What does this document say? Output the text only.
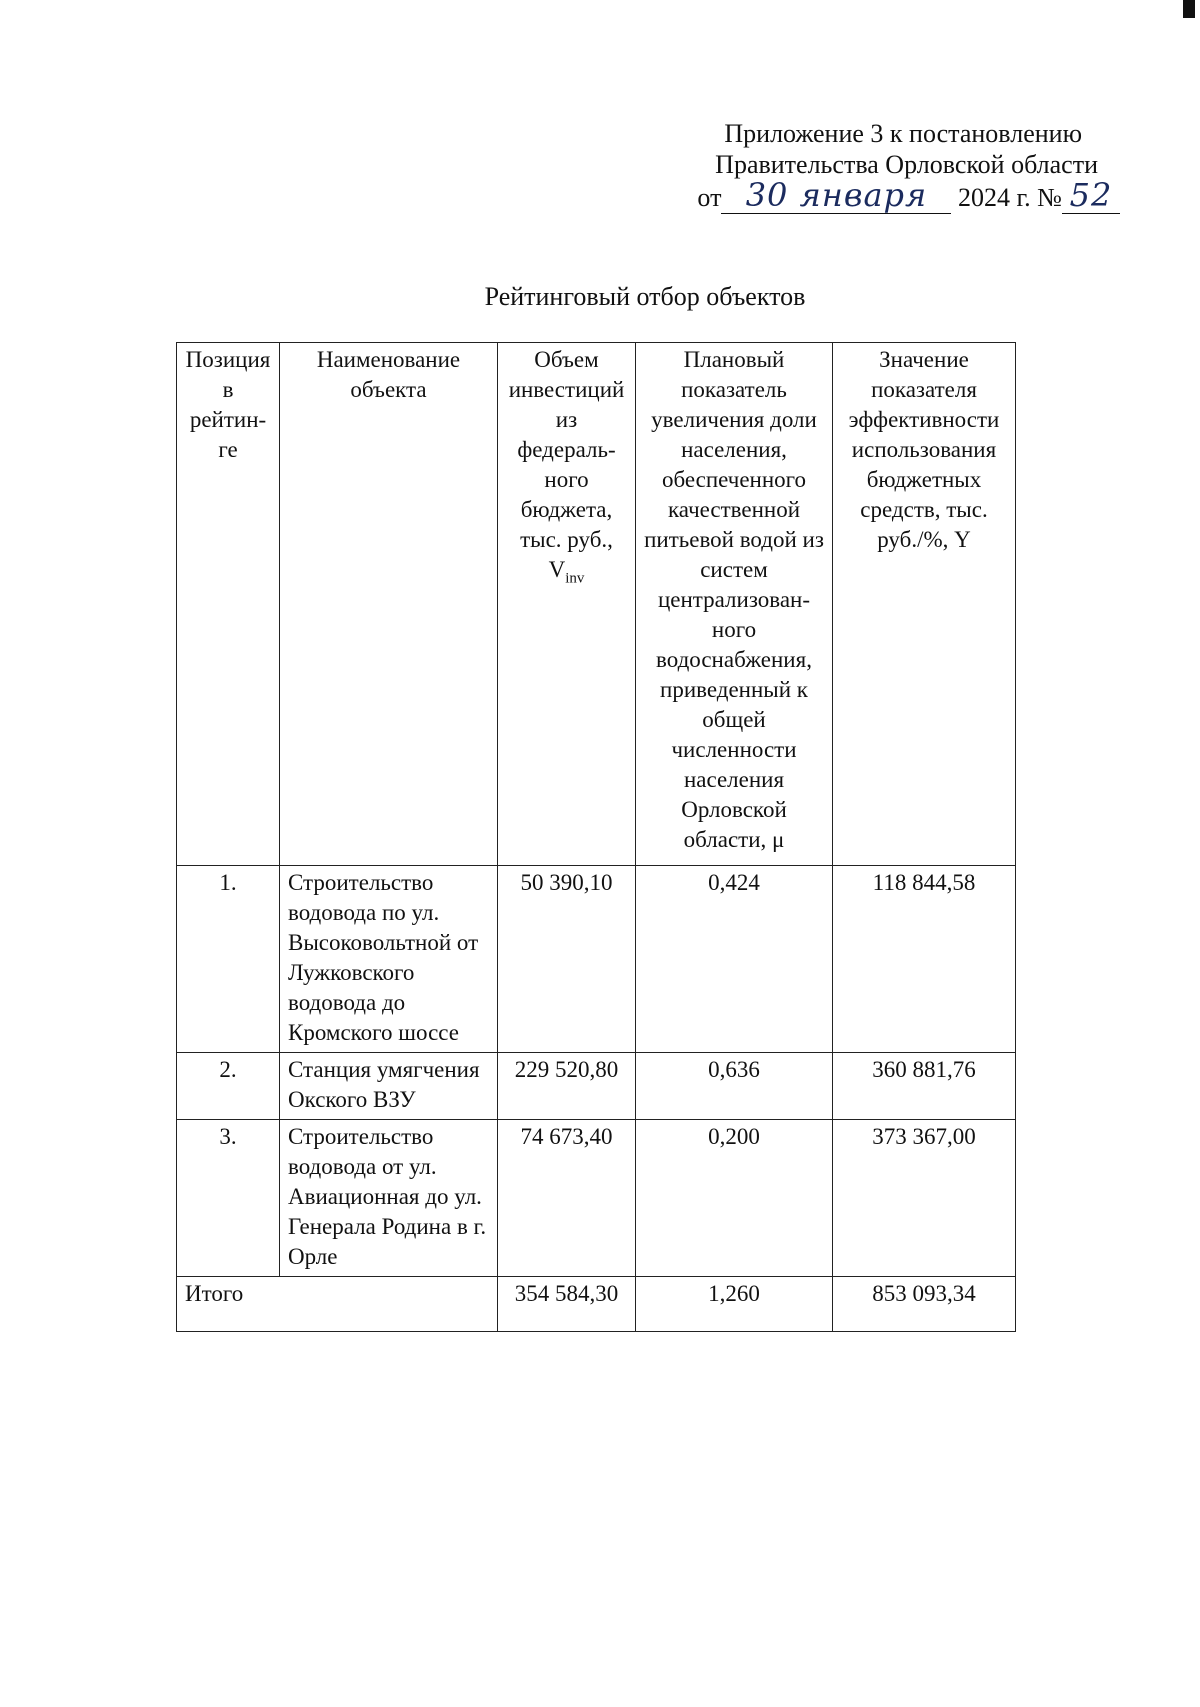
Приложение 3 к постановлению
Правительства Орловской области
от 30 января 2024 г. № 52
Рейтинговый отбор объектов
Позиция в рейтин-ге	Наименование объекта	Объем инвестиций из федераль-ного бюджета, тыс. руб., $V_{inv}$	Плановый показатель увеличения доли населения, обеспеченного качественной питьевой водой из систем централизован-ного водоснабжения, приведенный к общей численности населения Орловской области, μ	Значение показателя эффективности использования бюджетных средств, тыс. руб./%, Y
1.	Строительство водовода по ул. Высоковольтной от Лужковского водовода до Кромского шоссе	50 390,10	0,424	118 844,58
2.	Станция умягчения Окского ВЗУ	229 520,80	0,636	360 881,76
3.	Строительство водовода от ул. Авиационная до ул. Генерала Родина в г. Орле	74 673,40	0,200	373 367,00
Итого		354 584,30	1,260	853 093,34
